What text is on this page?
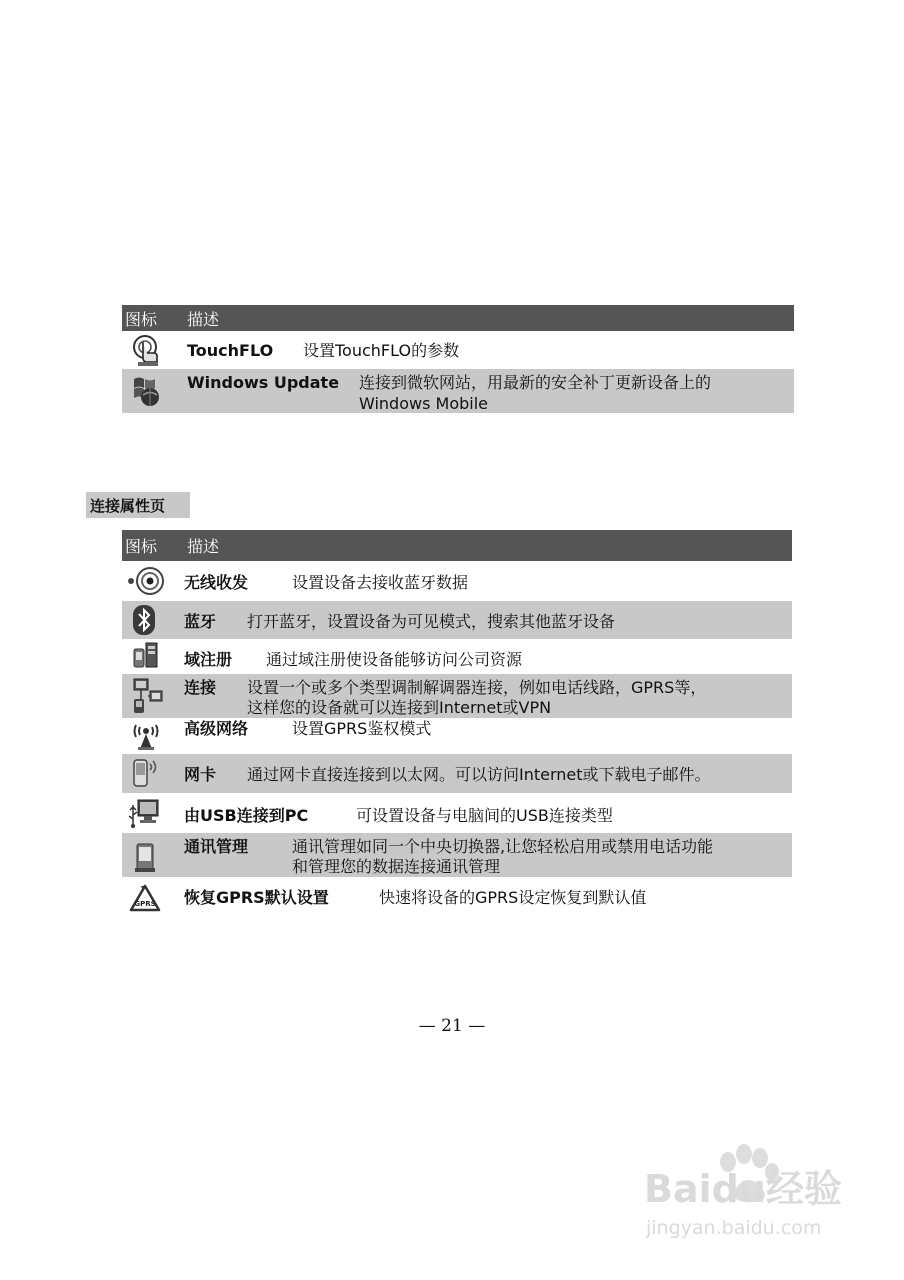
图标	描述
TouchFLO 设置TouchFLO的参数
Windows Update 连接到微软网站，用最新的安全补丁更新设备上的
Windows Mobile
连接属性页
图标	描述
无线收发	设置设备去接收蓝牙数据
蓝牙 打开蓝牙，设置设备为可见模式，搜索其他蓝牙设备
域注册 通过域注册使设备能够访问公司资源
连接 设置一个或多个类型调制解调器连接，例如电话线路，GPRS等，
这样您的设备就可以连接到Internet或VPN
高级网络	设置GPRS鉴权模式
网卡 通过网卡直接连接到以太网。可以访问Internet或下载电子邮件。
由USB连接到PC	可设置设备与电脑间的USB连接类型
通讯管理	通讯管理如同一个中央切换器,让您轻松启用或禁用电话功能
和管理您的数据连接通讯管理
GPRS 恢复GPRS默认设置	快速将设备的GPRS设定恢复到默认值
— 21 —
Baidu经验
jingyan.baidu.com
